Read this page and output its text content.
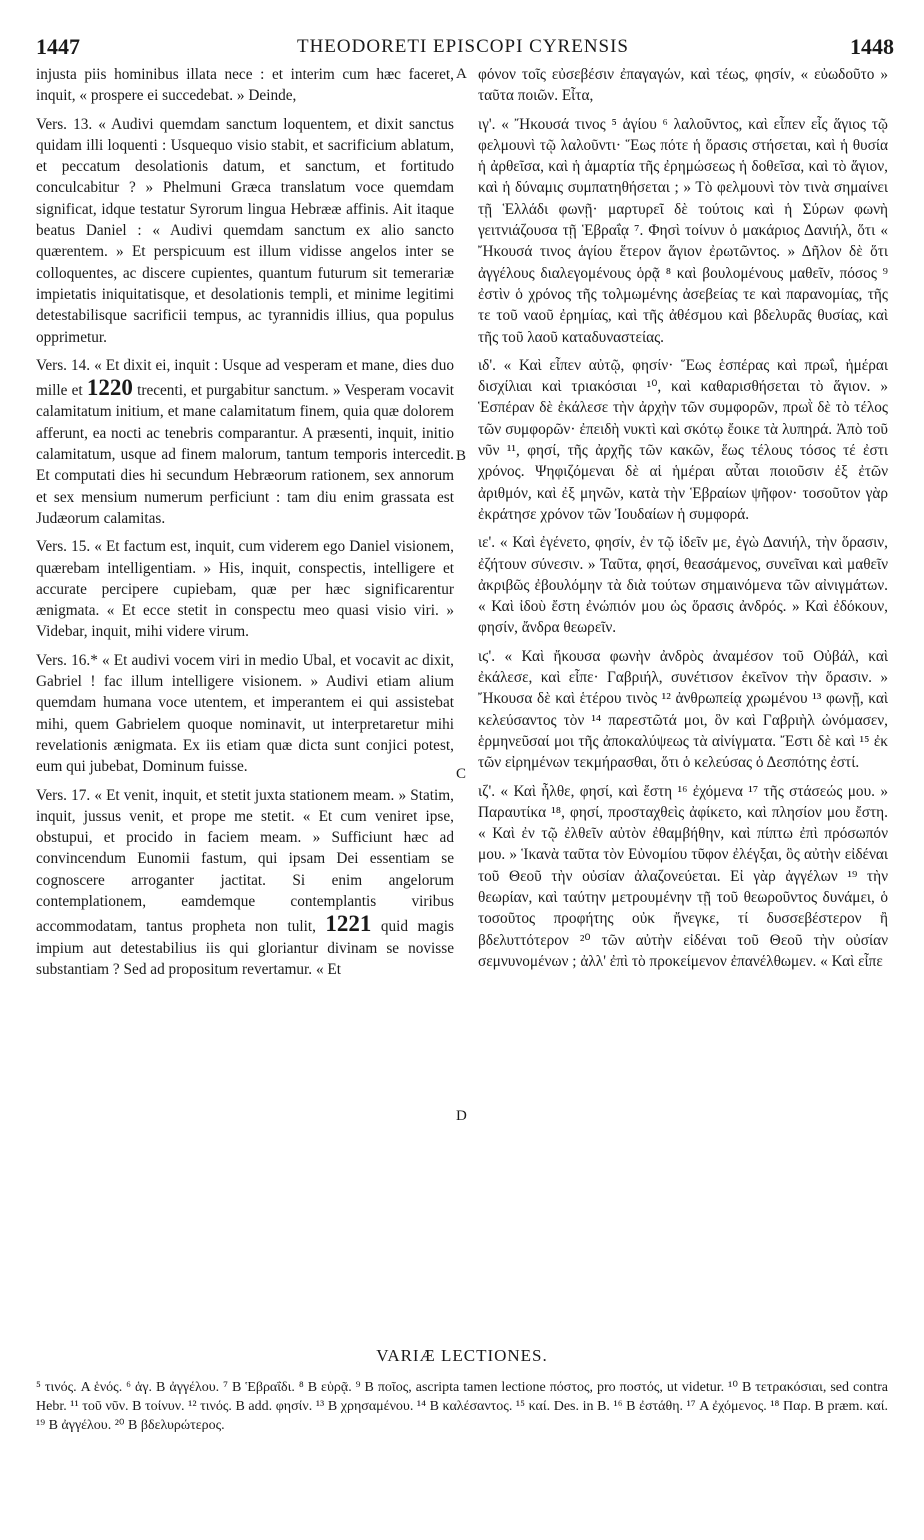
1447	THEODORETI EPISCOPI CYRENSIS	1448

injusta piis hominibus illata nece : et interim cum hæc faceret, inquit, « prospere ei succedebat. » Deinde,

Vers. 13. « Audivi quemdam sanctum loquentem, et dixit sanctus quidam illi loquenti : Usquequo visio stabit, et sacrificium ablatum, et peccatum desolationis datum, et sanctum, et fortitudo conculcabitur ? » Phelmuni Græca translatum voce quemdam significat, idque testatur Syrorum lingua Hebrææ affinis. Ait itaque beatus Daniel : « Audivi quemdam sanctum ex alio sancto quærentem. » Et perspicuum est illum vidisse angelos inter se colloquentes, ac discere cupientes, quantum futurum sit temerariæ impietatis iniquitatisque, et desolationis templi, et minime legitimi detestabilisque sacrificii tempus, ac tyrannidis illius, qua populus opprimetur.

Vers. 14. « Et dixit ei, inquit : Usque ad vesperam et mane, dies duo mille et 1220 trecenti, et purgabitur sanctum. » Vesperam vocavit calamitatum initium, et mane calamitatum finem, quia quæ dolorem afferunt, ea nocti ac tenebris comparantur. A præsenti, inquit, initio calamitatum, usque ad finem malorum, tantum temporis intercedit. Et computati dies hi secundum Hebræorum rationem, sex annorum et sex mensium numerum perficiunt : tam diu enim grassata est Judæorum calamitas.

Vers. 15. « Et factum est, inquit, cum viderem ego Daniel visionem, quærebam intelligentiam. » His, inquit, conspectis, intelligere et accurate percipere cupiebam, quæ per hæc significarentur ænigmata. « Et ecce stetit in conspectu meo quasi visio viri. » Videbar, inquit, mihi videre virum.

Vers. 16.* « Et audivi vocem viri in medio Ubal, et vocavit ac dixit, Gabriel ! fac illum intelligere visionem. » Audivi etiam alium quemdam humana voce utentem, et imperantem ei qui assistebat mihi, quem Gabrielem quoque nominavit, ut interpretaretur mihi revelationis ænigmata. Ex iis etiam quæ dicta sunt conjici potest, eum qui jubebat, Dominum fuisse.

Vers. 17. « Et venit, inquit, et stetit juxta stationem meam. » Statim, inquit, jussus venit, et prope me stetit. « Et cum veniret ipse, obstupui, et procido in faciem meam. » Sufficiunt hæc ad convincendum Eunomii fastum, qui ipsam Dei essentiam se cognoscere arroganter jactitat. Si enim angelorum contemplationem, eamdemque contemplantis viribus accommodatam, tantus propheta non tulit, 1221 quid magis impium aut detestabilius iis qui gloriantur divinam se novisse substantiam ? Sed ad propositum revertamur. « Et

A
B
C
D

φόνον τοῖς εὐσεβέσιν ἐπαγαγών, καὶ τέως, φησίν, « εὐωδοῦτο » ταῦτα ποιῶν. Εἶτα,

ιγ'. « Ἤκουσά τινος ⁵ ἁγίου ⁶ λαλοῦντος, καὶ εἶπεν εἷς ἅγιος τῷ φελμουνὶ τῷ λαλοῦντι· Ἕως πότε ἡ ὅρασις στήσεται, καὶ ἡ θυσία ἡ ἀρθεῖσα, καὶ ἡ ἁμαρτία τῆς ἐρημώσεως ἡ δοθεῖσα, καὶ τὸ ἅγιον, καὶ ἡ δύναμις συμπατηθήσεται ; » Τὸ φελμουνὶ τὸν τινὰ σημαίνει τῇ Ἑλλάδι φωνῇ· μαρτυρεῖ δὲ τούτοις καὶ ἡ Σύρων φωνὴ γειτνιάζουσα τῇ Ἑβραΐᾳ ⁷. Φησὶ τοίνυν ὁ μακάριος Δανιήλ, ὅτι « Ἤκουσά τινος ἁγίου ἕτερον ἅγιον ἐρωτῶντος. » Δῆλον δὲ ὅτι ἀγγέλους διαλεγομένους ὁρᾷ ⁸ καὶ βουλομένους μαθεῖν, πόσος ⁹ ἐστὶν ὁ χρόνος τῆς τολμωμένης ἀσεβείας τε καὶ παρανομίας, τῆς τε τοῦ ναοῦ ἐρημίας, καὶ τῆς ἀθέσμου καὶ βδελυρᾶς θυσίας, καὶ τῆς τοῦ λαοῦ καταδυναστείας.

ιδ'. « Καὶ εἶπεν αὐτῷ, φησίν· Ἕως ἑσπέρας καὶ πρωΐ, ἡμέραι δισχίλιαι καὶ τριακόσιαι ¹⁰, καὶ καθαρισθήσεται τὸ ἅγιον. » Ἑσπέραν δὲ ἐκάλεσε τὴν ἀρχὴν τῶν συμφορῶν, πρωῒ δὲ τὸ τέλος τῶν συμφορῶν· ἐπειδὴ νυκτὶ καὶ σκότῳ ἔοικε τὰ λυπηρά. Ἀπὸ τοῦ νῦν ¹¹, φησί, τῆς ἀρχῆς τῶν κακῶν, ἕως τέλους τόσος τέ ἐστι χρόνος. Ψηφιζόμεναι δὲ αἱ ἡμέραι αὗται ποιοῦσιν ἐξ ἐτῶν ἀριθμόν, καὶ ἐξ μηνῶν, κατὰ τὴν Ἑβραίων ψῆφον· τοσοῦτον γὰρ ἐκράτησε χρόνον τῶν Ἰουδαίων ἡ συμφορά.

ιε'. « Καὶ ἐγένετο, φησίν, ἐν τῷ ἰδεῖν με, ἐγὼ Δανιήλ, τὴν ὅρασιν, ἐζήτουν σύνεσιν. » Ταῦτα, φησί, θεασάμενος, συνεῖναι καὶ μαθεῖν ἀκριβῶς ἐβουλόμην τὰ διὰ τούτων σημαινόμενα τῶν αἰνιγμάτων. « Καὶ ἰδοὺ ἔστη ἐνώπιόν μου ὡς ὅρασις ἀνδρός. » Καὶ ἐδόκουν, φησίν, ἄνδρα θεωρεῖν.

ιϛ'. « Καὶ ἤκουσα φωνὴν ἀνδρὸς ἀναμέσον τοῦ Οὐβάλ, καὶ ἐκάλεσε, καὶ εἶπε· Γαβριήλ, συνέτισον ἐκεῖνον τὴν ὅρασιν. » Ἤκουσα δὲ καὶ ἑτέρου τινὸς ¹² ἀνθρωπείᾳ χρωμένου ¹³ φωνῇ, καὶ κελεύσαντος τὸν ¹⁴ παρεστῶτά μοι, ὃν καὶ Γαβριὴλ ὠνόμασεν, ἑρμηνεῦσαί μοι τῆς ἀποκαλύψεως τὰ αἰνίγματα. Ἔστι δὲ καὶ ¹⁵ ἐκ τῶν εἰρημένων τεκμήρασθαι, ὅτι ὁ κελεύσας ὁ Δεσπότης ἐστί.

ιζ'. « Καὶ ἦλθε, φησί, καὶ ἔστη ¹⁶ ἐχόμενα ¹⁷ τῆς στάσεώς μου. » Παραυτίκα ¹⁸, φησί, προσταχθεὶς ἀφίκετο, καὶ πλησίον μου ἔστη. « Καὶ ἐν τῷ ἐλθεῖν αὐτὸν ἐθαμβήθην, καὶ πίπτω ἐπὶ πρόσωπόν μου. » Ἱκανὰ ταῦτα τὸν Εὐνομίου τῦφον ἐλέγξαι, ὃς αὐτὴν εἰδέναι τοῦ Θεοῦ τὴν οὐσίαν ἀλαζονεύεται. Εἰ γὰρ ἀγγέλων ¹⁹ τὴν θεωρίαν, καὶ ταύτην μετρουμένην τῇ τοῦ θεωροῦντος δυνάμει, ὁ τοσοῦτος προφήτης οὐκ ἤνεγκε, τί δυσσεβέστερον ἢ βδελυττότερον ²⁰ τῶν αὐτὴν εἰδέναι τοῦ Θεοῦ τὴν οὐσίαν σεμνυνομένων ; ἀλλ' ἐπὶ τὸ προκείμενον ἐπανέλθωμεν. « Καὶ εἶπε

VARIÆ LECTIONES.
⁵ τινός. A ἑνός. ⁶ ἁγ. B ἀγγέλου. ⁷ B Ἑβραΐδι. ⁸ B εὑρᾷ. ⁹ B ποῖος, ascripta tamen lectione πόστος, pro ποστός, ut videtur. ¹⁰ B τετρακόσιαι, sed contra Hebr. ¹¹ τοῦ νῦν. B τοίνυν. ¹² τινός. B add. φησίν. ¹³ B χρησαμένου. ¹⁴ B καλέσαντος. ¹⁵ καί. Des. in B. ¹⁶ B ἐστάθη. ¹⁷ A ἐχόμενος. ¹⁸ Παρ. B præm. καί. ¹⁹ B ἀγγέλου. ²⁰ B βδελυρώτερος.
